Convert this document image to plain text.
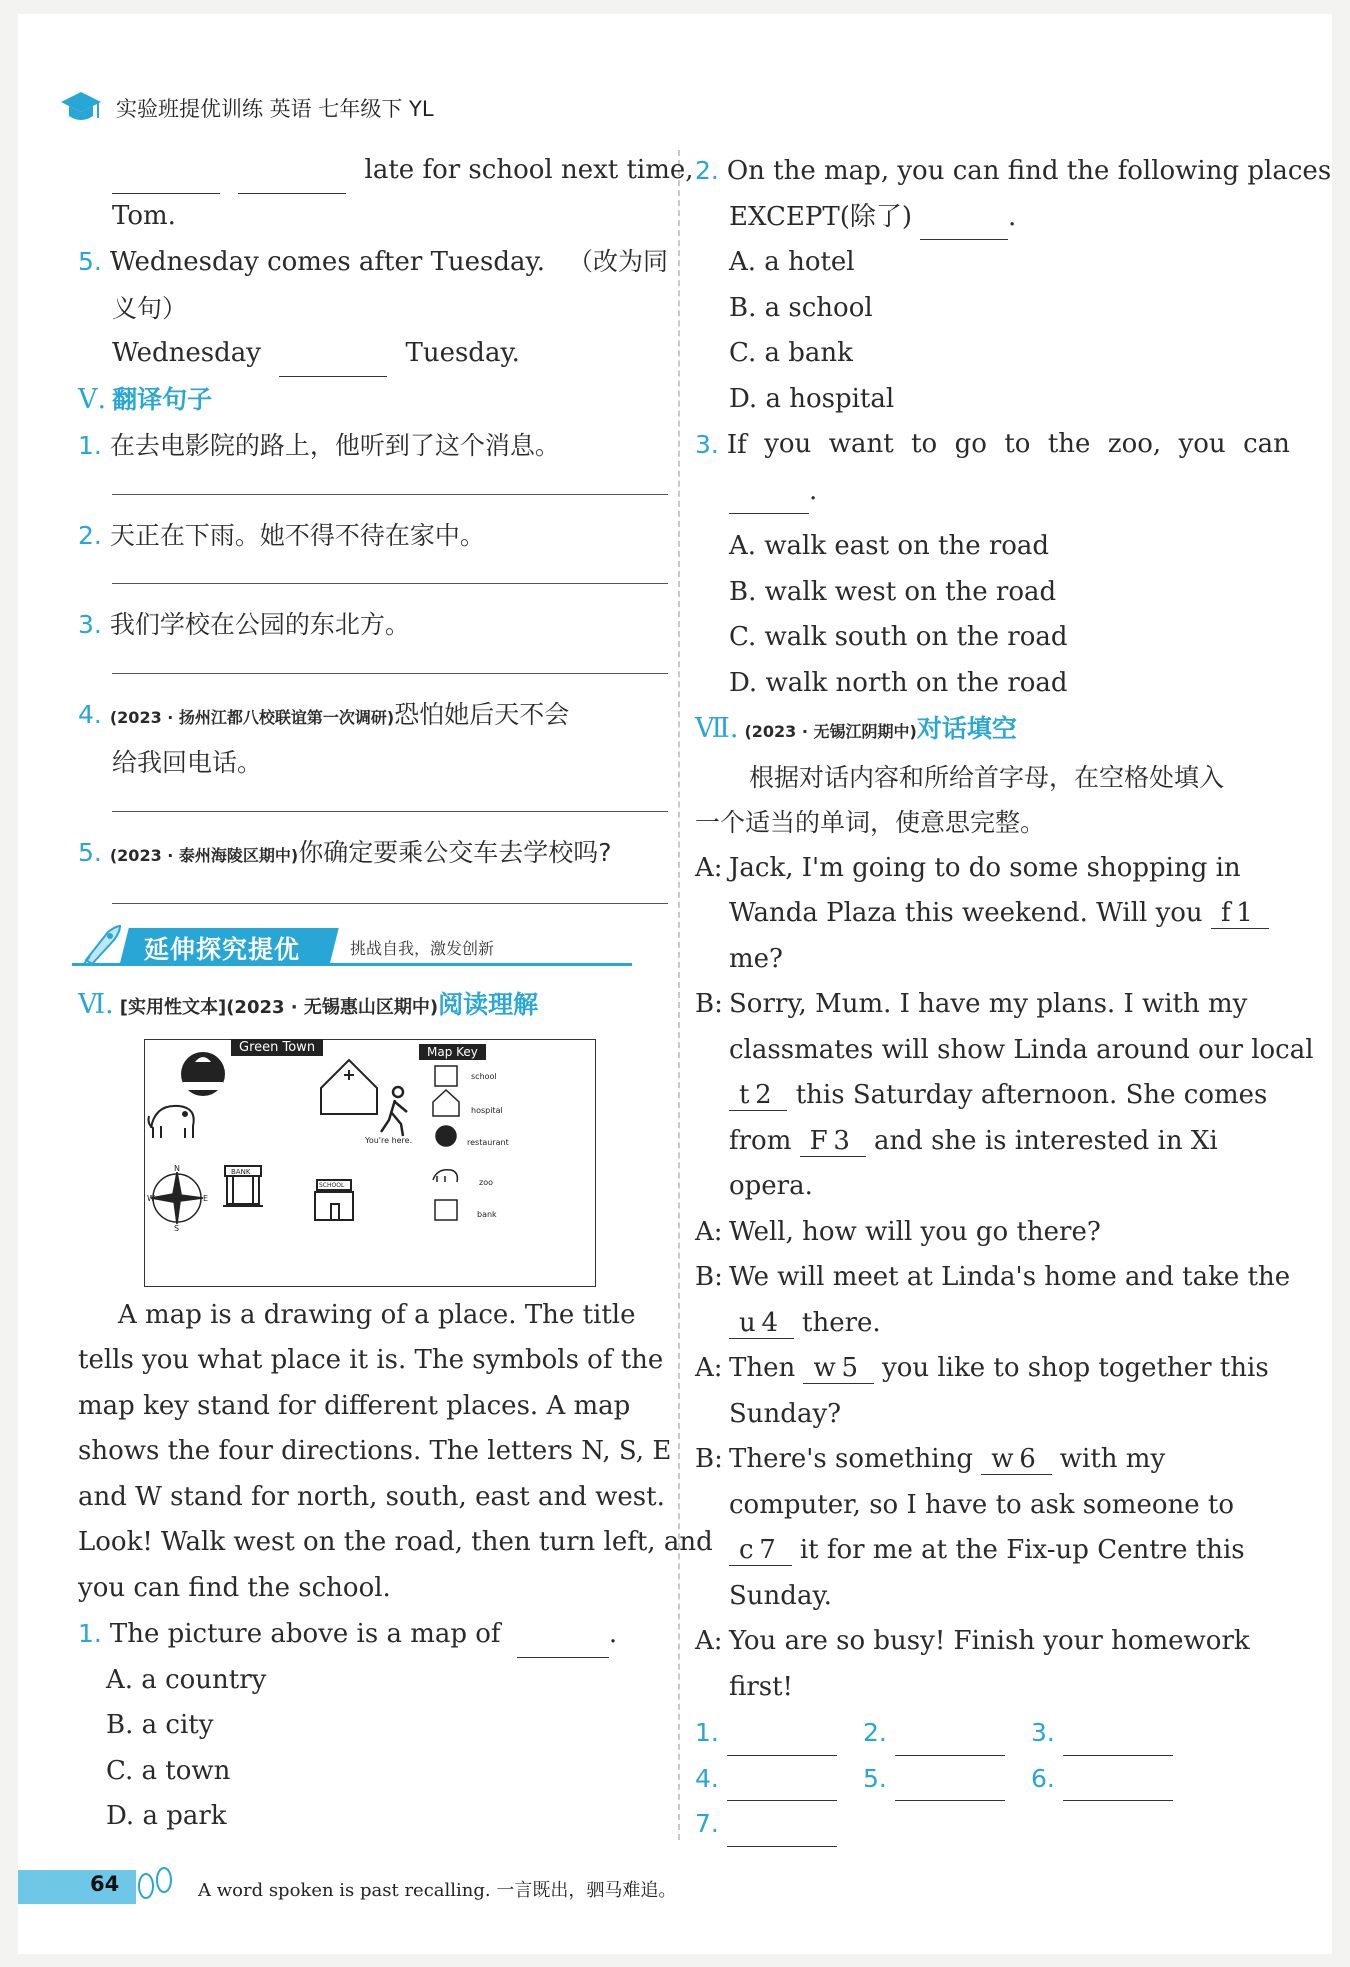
实验班提优训练 英语 七年级下 YL
late for school next time,
Tom.
5. Wednesday comes after Tuesday. （改为同
义句）
Wednesday	Tuesday.
Ⅴ. 翻译句子
1. 在去电影院的路上，他听到了这个消息。
2. 天正在下雨。她不得不待在家中。
3. 我们学校在公园的东北方。
4. (2023 · 扬州江都八校联谊第一次调研)恐怕她后天不会
给我回电话。
5. (2023 · 泰州海陵区期中)你确定要乘公交车去学校吗?
延伸探究提优	挑战自我，激发创新
Ⅵ. [实用性文本](2023 · 无锡惠山区期中)阅读理解
Green Town	Map Key
You're here.
school
hospital
restaurant
zoo
bank
BANK
SCHOOL
N
S
W	E
A map is a drawing of a place. The title
tells you what place it is. The symbols of the
map key stand for different places. A map
shows the four directions. The letters N, S, E
and W stand for north, south, east and west.
Look! Walk west on the road, then turn left, and
you can find the school.
1. The picture above is a map of	.
A. a country
B. a city
C. a town
D. a park
2. On the map, you can find the following places
EXCEPT(除了)	.
A. a hotel
B. a school
C. a bank
D. a hospital
3. If you want to go to the zoo, you can
.
A. walk east on the road
B. walk west on the road
C. walk south on the road
D. walk north on the road
Ⅶ. (2023 · 无锡江阴期中)对话填空
根据对话内容和所给首字母，在空格处填入
一个适当的单词，使意思完整。
A: Jack, I'm going to do some shopping in
Wanda Plaza this weekend. Will you f 1
me?
B: Sorry, Mum. I have my plans. I with my
classmates will show Linda around our local
t 2 this Saturday afternoon. She comes
from F 3 and she is interested in Xi
opera.
A: Well, how will you go there?
B: We will meet at Linda's home and take the
u 4 there.
A: Then w 5 you like to shop together this
Sunday?
B: There's something w 6 with my
computer, so I have to ask someone to
c 7 it for me at the Fix-up Centre this
Sunday.
A: You are so busy! Finish your homework
first!
1.	2.	3.
4.	5.	6.
7.
64	A word spoken is past recalling. 一言既出，驷马难追。
